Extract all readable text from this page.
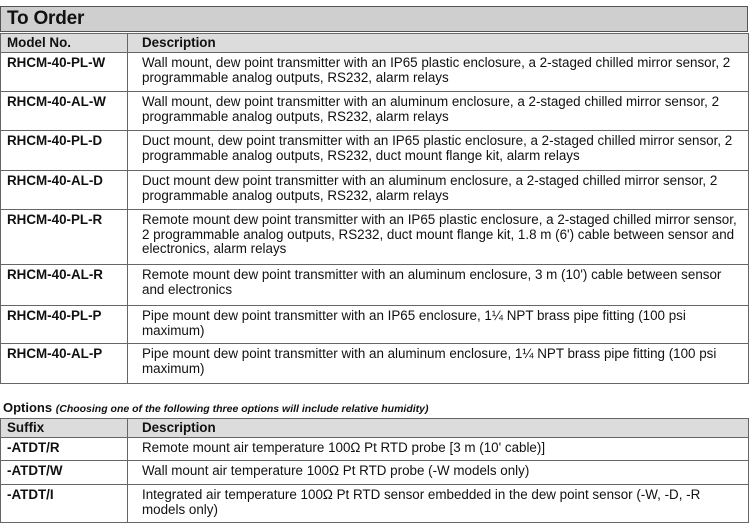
To Order
Model No.	Description
RHCM-40-PL-W	Wall mount, dew point transmitter with an IP65 plastic enclosure, a 2-staged chilled mirror sensor, 2 programmable analog outputs, RS232, alarm relays
RHCM-40-AL-W	Wall mount, dew point transmitter with an aluminum enclosure, a 2-staged chilled mirror sensor, 2 programmable analog outputs, RS232, alarm relays
RHCM-40-PL-D	Duct mount, dew point transmitter with an IP65 plastic enclosure, a 2-staged chilled mirror sensor, 2 programmable analog outputs, RS232, duct mount flange kit, alarm relays
RHCM-40-AL-D	Duct mount dew point transmitter with an aluminum enclosure, a 2-staged chilled mirror sensor, 2 programmable analog outputs, RS232, alarm relays
RHCM-40-PL-R	Remote mount dew point transmitter with an IP65 plastic enclosure, a 2-staged chilled mirror sensor, 2 programmable analog outputs, RS232, duct mount flange kit, 1.8 m (6') cable between sensor and electronics, alarm relays
RHCM-40-AL-R	Remote mount dew point transmitter with an aluminum enclosure, 3 m (10') cable between sensor and electronics
RHCM-40-PL-P	Pipe mount dew point transmitter with an IP65 enclosure, 1¼ NPT brass pipe fitting (100 psi maximum)
RHCM-40-AL-P	Pipe mount dew point transmitter with an aluminum enclosure, 1¼ NPT brass pipe fitting (100 psi maximum)
Options (Choosing one of the following three options will include relative humidity)
Suffix	Description
-ATDT/R	Remote mount air temperature 100Ω Pt RTD probe [3 m (10' cable)]
-ATDT/W	Wall mount air temperature 100Ω Pt RTD probe (-W models only)
-ATDT/I	Integrated air temperature 100Ω Pt RTD sensor embedded in the dew point sensor (-W, -D, -R models only)
